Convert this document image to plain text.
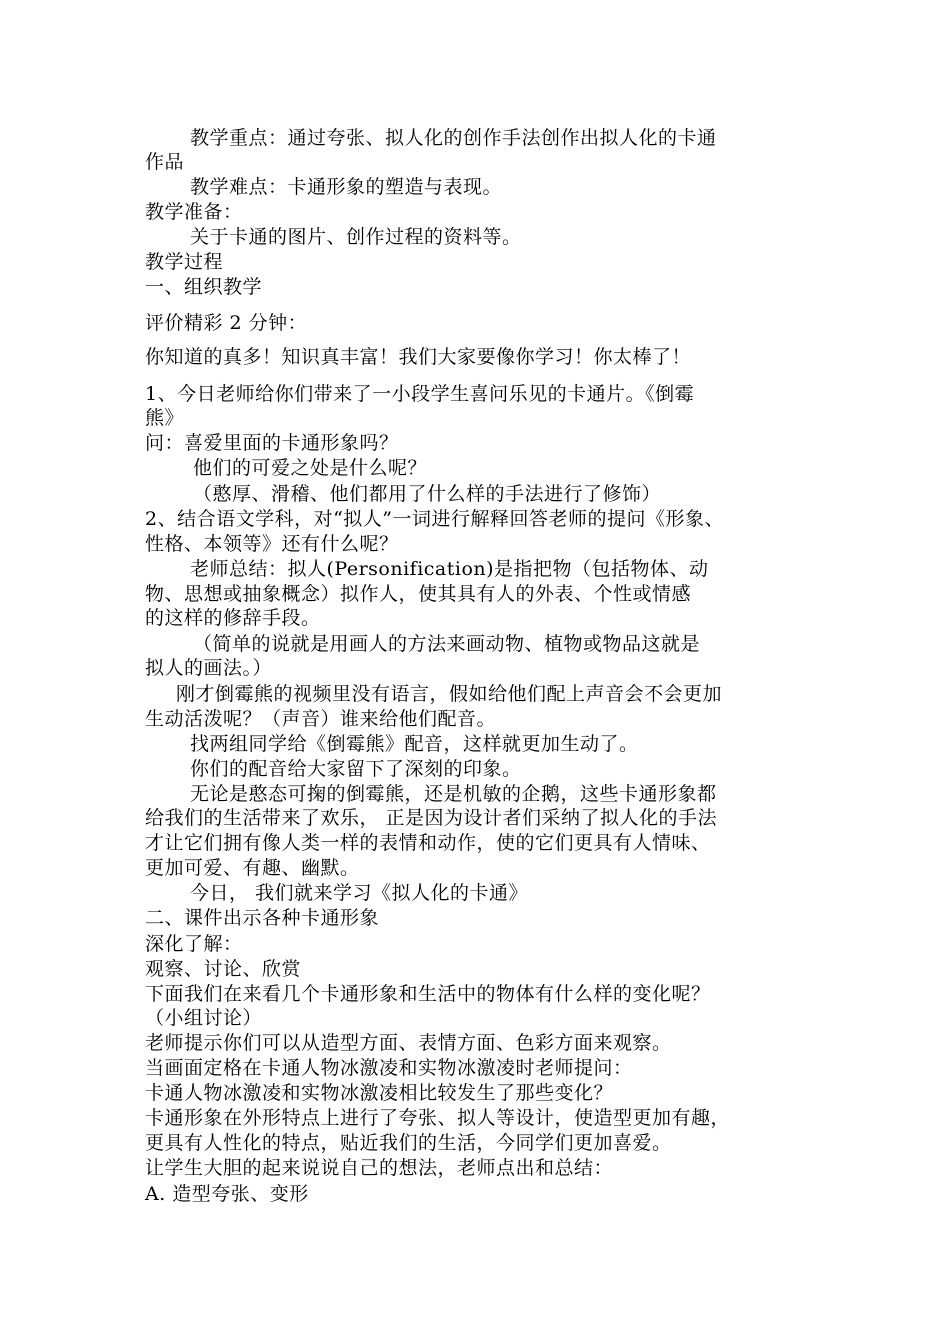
教学重点：通过夸张、拟人化的创作手法创作出拟人化的卡通
作品
教学难点：卡通形象的塑造与表现。
教学准备：
关于卡通的图片、创作过程的资料等。
教学过程
一、组织教学
评价精彩 2 分钟：
你知道的真多！知识真丰富！我们大家要像你学习！你太棒了！
1、今日老师给你们带来了一小段学生喜问乐见的卡通片。《倒霉
熊》
问：喜爱里面的卡通形象吗？
他们的可爱之处是什么呢？
（憨厚、滑稽、他们都用了什么样的手法进行了修饰）
2、结合语文学科，对“拟人”一词进行解释回答老师的提问《形象、
性格、本领等》还有什么呢？
老师总结：拟人(Personification)是指把物（包括物体、动
物、思想或抽象概念）拟作人，使其具有人的外表、个性或情感
的这样的修辞手段。
（简单的说就是用画人的方法来画动物、植物或物品这就是
拟人的画法。）
刚才倒霉熊的视频里没有语言，假如给他们配上声音会不会更加
生动活泼呢？（声音）谁来给他们配音。
找两组同学给《倒霉熊》配音，这样就更加生动了。
你们的配音给大家留下了深刻的印象。
无论是憨态可掬的倒霉熊，还是机敏的企鹅，这些卡通形象都
给我们的生活带来了欢乐， 正是因为设计者们采纳了拟人化的手法
才让它们拥有像人类一样的表情和动作，使的它们更具有人情味、
更加可爱、有趣、幽默。
今日， 我们就来学习《拟人化的卡通》
二、课件出示各种卡通形象
深化了解：
观察、讨论、欣赏
下面我们在来看几个卡通形象和生活中的物体有什么样的变化呢？
（小组讨论）
老师提示你们可以从造型方面、表情方面、色彩方面来观察。
当画面定格在卡通人物冰激凌和实物冰激凌时老师提问：
卡通人物冰激凌和实物冰激凌相比较发生了那些变化？
卡通形象在外形特点上进行了夸张、拟人等设计，使造型更加有趣，
更具有人性化的特点，贴近我们的生活，今同学们更加喜爱。
让学生大胆的起来说说自己的想法，老师点出和总结：
A. 造型夸张、变形
